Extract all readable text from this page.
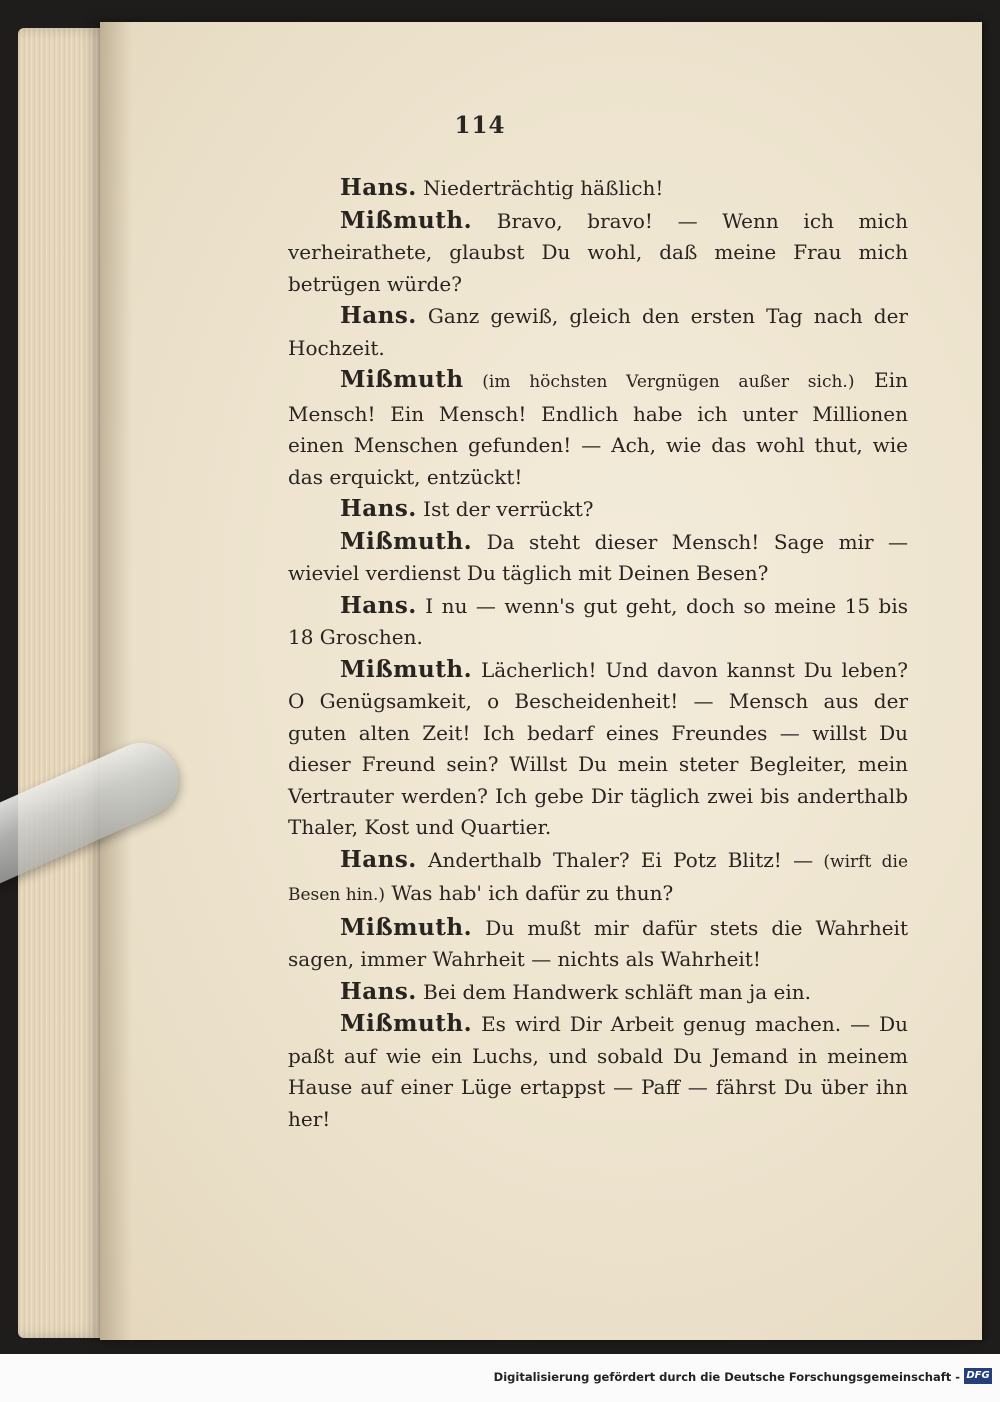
114

Hans. Niederträchtig häßlich!

Mißmuth. Bravo, bravo! — Wenn ich mich verheirathete, glaubst Du wohl, daß meine Frau mich betrügen würde?

Hans. Ganz gewiß, gleich den ersten Tag nach der Hochzeit.

Mißmuth (im höchsten Vergnügen außer sich.) Ein Mensch! Ein Mensch! Endlich habe ich unter Millionen einen Menschen gefunden! — Ach, wie das wohl thut, wie das erquickt, entzückt!

Hans. Ist der verrückt?

Mißmuth. Da steht dieser Mensch! Sage mir — wieviel verdienst Du täglich mit Deinen Besen?

Hans. I nu — wenn's gut geht, doch so meine 15 bis 18 Groschen.

Mißmuth. Lächerlich! Und davon kannst Du leben? O Genügsamkeit, o Bescheidenheit! — Mensch aus der guten alten Zeit! Ich bedarf eines Freundes — willst Du dieser Freund sein? Willst Du mein steter Begleiter, mein Vertrauter werden? Ich gebe Dir täglich zwei bis anderthalb Thaler, Kost und Quartier.

Hans. Anderthalb Thaler? Ei Potz Blitz! — (wirft die Besen hin.) Was hab' ich dafür zu thun?

Mißmuth. Du mußt mir dafür stets die Wahrheit sagen, immer Wahrheit — nichts als Wahrheit!

Hans. Bei dem Handwerk schläft man ja ein.

Mißmuth. Es wird Dir Arbeit genug machen. — Du paßt auf wie ein Luchs, und sobald Du Jemand in meinem Hause auf einer Lüge ertappst — Paff — fährst Du über ihn her!

Digitalisierung gefördert durch die Deutsche Forschungsgemeinschaft - DFG
